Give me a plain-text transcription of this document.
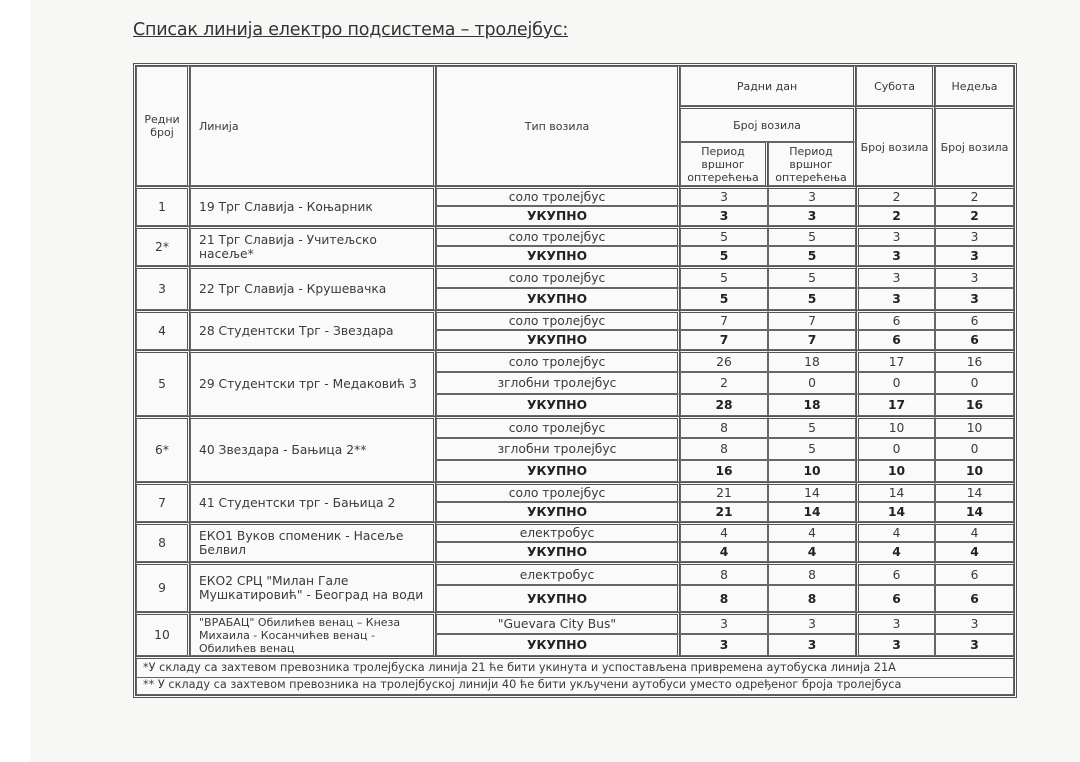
Списак линија електро подсистема – тролејбус:
Редни број	Линија	Тип возила	Радни дан		Субота	Недеља
			Број возила		Број возила	Број возила
			Период вршног оптерећења	Период вршног оптерећења		
1	19 Трг Славија - Коњарник	соло тролејбус	3	3	2	2
		УКУПНО	3	3	2	2
2*	21 Трг Славија - Учитељско насеље*	соло тролејбус	5	5	3	3
		УКУПНО	5	5	3	3
3	22 Трг Славија - Крушевачка	соло тролејбус	5	5	3	3
		УКУПНО	5	5	3	3
4	28 Студентски Трг - Звездара	соло тролејбус	7	7	6	6
		УКУПНО	7	7	6	6
5	29 Студентски трг - Медаковић 3	соло тролејбус	26	18	17	16
		зглобни тролејбус	2	0	0	0
		УКУПНО	28	18	17	16
6*	40 Звездара - Бањица 2**	соло тролејбус	8	5	10	10
		зглобни тролејбус	8	5	0	0
		УКУПНО	16	10	10	10
7	41 Студентски трг - Бањица 2	соло тролејбус	21	14	14	14
		УКУПНО	21	14	14	14
8	ЕКО1 Вуков споменик - Насеље Белвил	електробус	4	4	4	4
		УКУПНО	4	4	4	4
9	ЕКО2 СРЦ "Милан Гале Мушкатировић" - Београд на води	електробус	8	8	6	6
		УКУПНО	8	8	6	6
10	"ВРАБАЦ" Обилићев венац – Кнеза Михаила - Косанчићев венац - Обилићев венац	"Guevara City Bus"	3	3	3	3
		УКУПНО	3	3	3	3
*У складу са захтевом превозника тролејбуска линија 21 ће бити укинута и успостављена привремена аутобуска линија 21А						
** У складу са захтевом превозника на тролејбуској линији 40 ће бити укључени аутобуси уместо одређеног броја тролејбуса						
